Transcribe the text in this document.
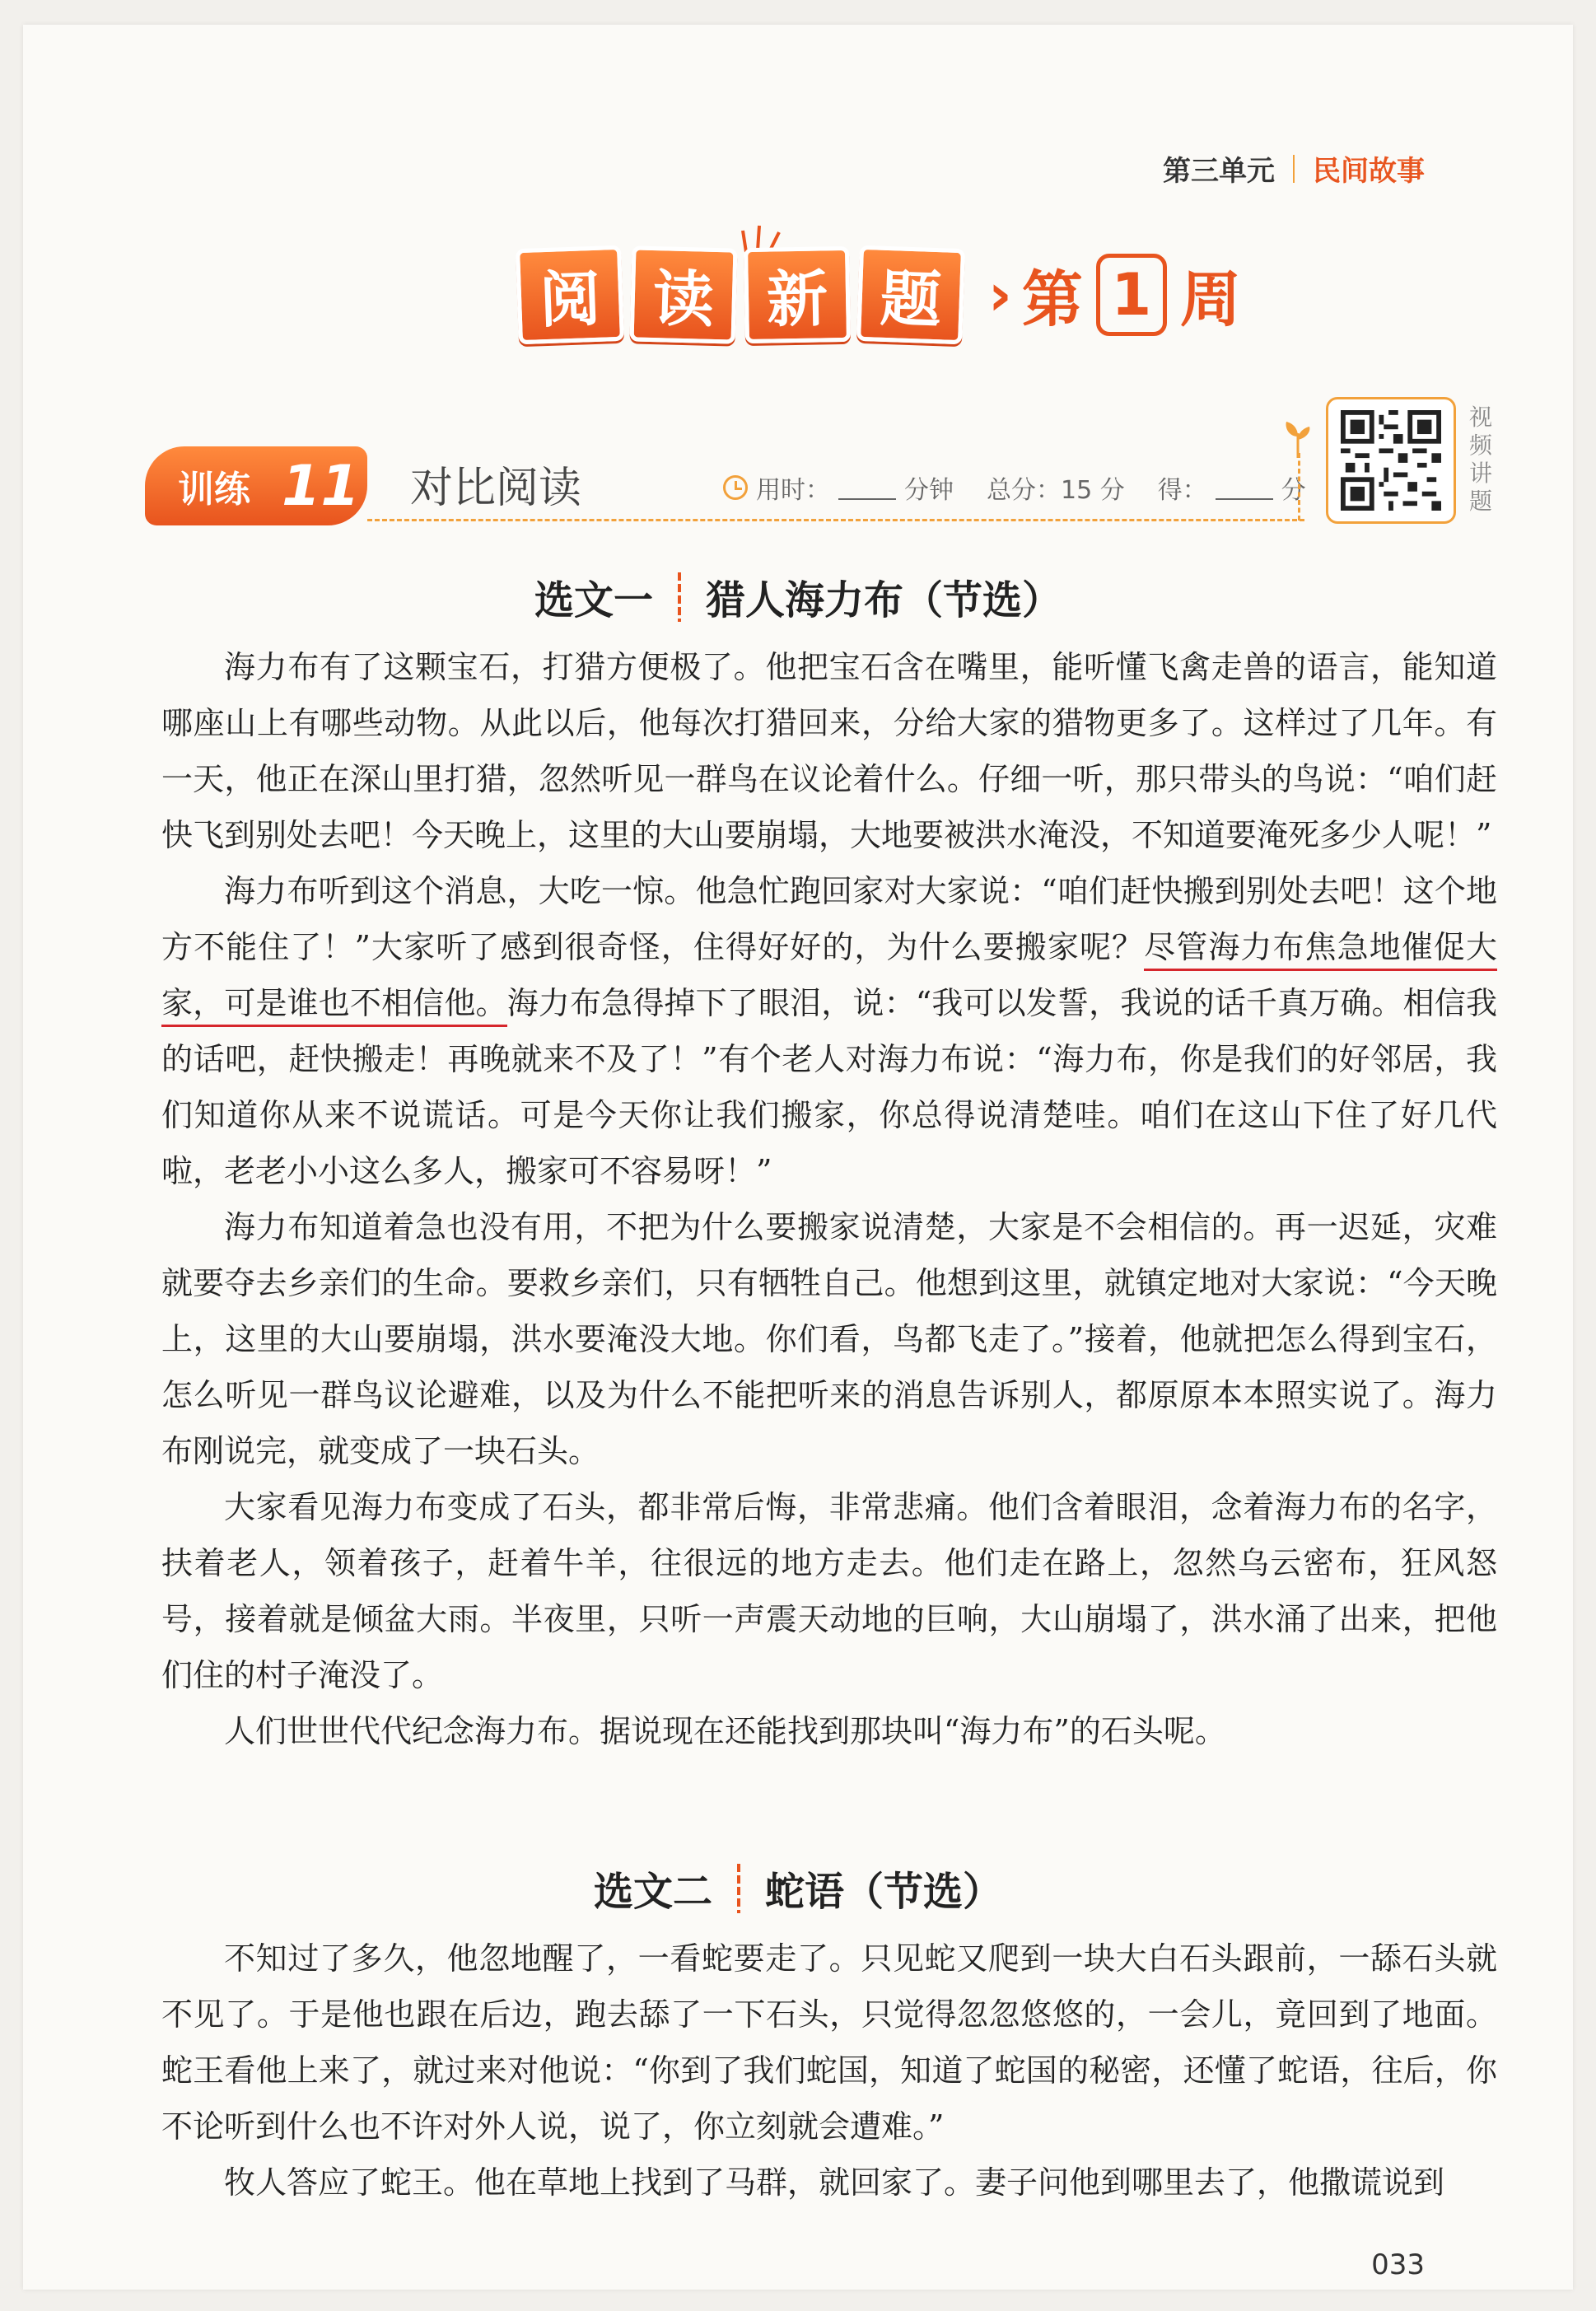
第三单元 民间故事
阅 读 新 题 › 第 1 周
训练 11 对比阅读	用时：	分钟 总分：15 分 得：	分
视
频
讲
题
选文一 猎人海力布（节选）

海力布有了这颗宝石，打猎方便极了。他把宝石含在嘴里，能听懂飞禽走兽的语言，能知道哪座山上有哪些动物。从此以后，他每次打猎回来，分给大家的猎物更多了。这样过了几年。有一天，他正在深山里打猎，忽然听见一群鸟在议论着什么。仔细一听，那只带头的鸟说：“咱们赶快飞到别处去吧！今天晚上，这里的大山要崩塌，大地要被洪水淹没，不知道要淹死多少人呢！”

海力布听到这个消息，大吃一惊。他急忙跑回家对大家说：“咱们赶快搬到别处去吧！这个地方不能住了！”大家听了感到很奇怪，住得好好的，为什么要搬家呢？尽管海力布焦急地催促大家，可是谁也不相信他。海力布急得掉下了眼泪，说：“我可以发誓，我说的话千真万确。相信我的话吧，赶快搬走！再晚就来不及了！”有个老人对海力布说：“海力布，你是我们的好邻居，我们知道你从来不说谎话。可是今天你让我们搬家，你总得说清楚哇。咱们在这山下住了好几代啦，老老小小这么多人，搬家可不容易呀！”

海力布知道着急也没有用，不把为什么要搬家说清楚，大家是不会相信的。再一迟延，灾难就要夺去乡亲们的生命。要救乡亲们，只有牺牲自己。他想到这里，就镇定地对大家说：“今天晚上，这里的大山要崩塌，洪水要淹没大地。你们看，鸟都飞走了。”接着，他就把怎么得到宝石，怎么听见一群鸟议论避难，以及为什么不能把听来的消息告诉别人，都原原本本照实说了。海力布刚说完，就变成了一块石头。

大家看见海力布变成了石头，都非常后悔，非常悲痛。他们含着眼泪，念着海力布的名字，扶着老人，领着孩子，赶着牛羊，往很远的地方走去。他们走在路上，忽然乌云密布，狂风怒号，接着就是倾盆大雨。半夜里，只听一声震天动地的巨响，大山崩塌了，洪水涌了出来，把他们住的村子淹没了。

人们世世代代纪念海力布。据说现在还能找到那块叫“海力布”的石头呢。

选文二 蛇语（节选）

不知过了多久，他忽地醒了，一看蛇要走了。只见蛇又爬到一块大白石头跟前，一舔石头就不见了。于是他也跟在后边，跑去舔了一下石头，只觉得忽忽悠悠的，一会儿，竟回到了地面。蛇王看他上来了，就过来对他说：“你到了我们蛇国，知道了蛇国的秘密，还懂了蛇语，往后，你不论听到什么也不许对外人说，说了，你立刻就会遭难。”

牧人答应了蛇王。他在草地上找到了马群，就回家了。妻子问他到哪里去了，他撒谎说到

033
